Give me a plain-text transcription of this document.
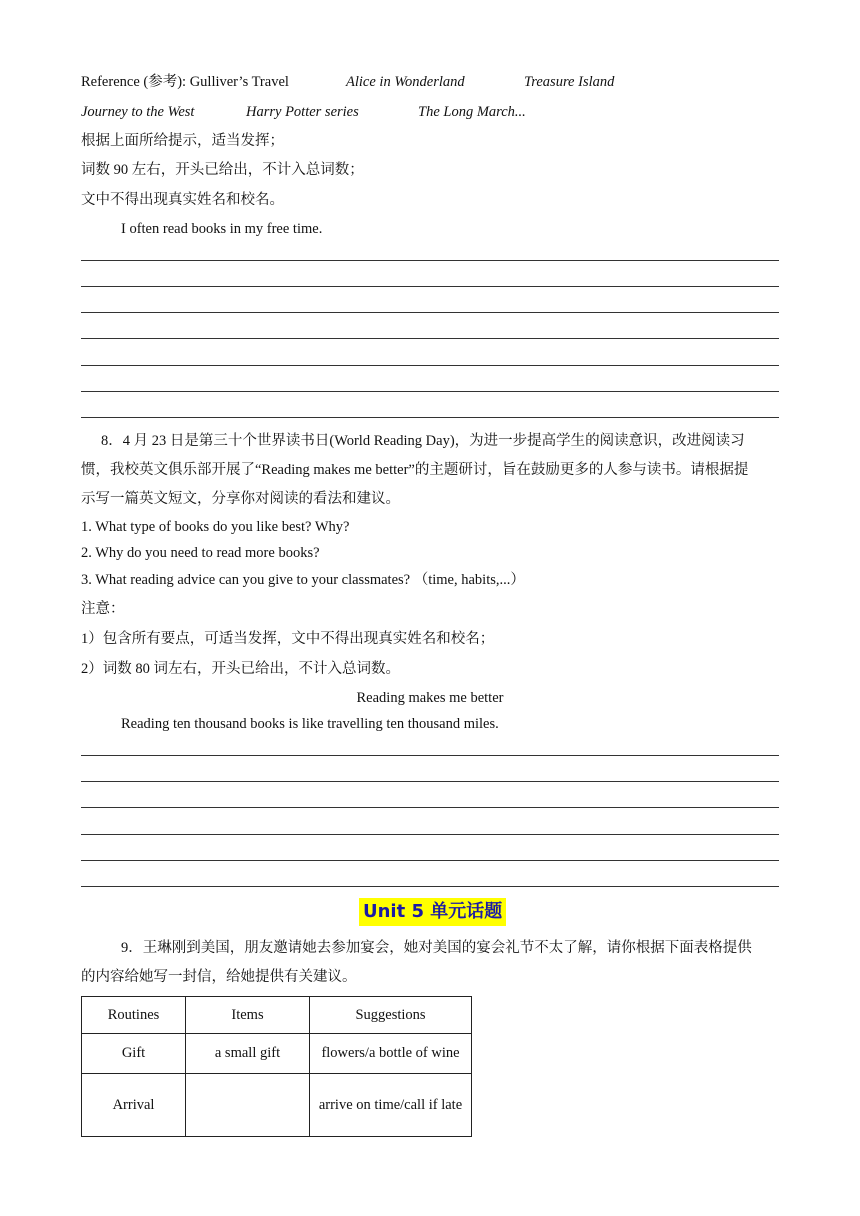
Reference (参考): Gulliver’s Travel	Alice in Wonderland	Treasure Island
Journey to the West	Harry Potter series	The Long March...
根据上面所给提示，适当发挥；
词数 90 左右，开头已给出，不计入总词数；
文中不得出现真实姓名和校名。
I often read books in my free time.
8．4 月 23 日是第三十个世界读书日(World Reading Day)，为进一步提高学生的阅读意识，改进阅读习
惯，我校英文俱乐部开展了“Reading makes me better”的主题研讨，旨在鼓励更多的人参与读书。请根据提
示写一篇英文短文，分享你对阅读的看法和建议。
1. What type of books do you like best? Why?
2. Why do you need to read more books?
3. What reading advice can you give to your classmates? （time, habits,...）
注意：
1）包含所有要点，可适当发挥，文中不得出现真实姓名和校名；
2）词数 80 词左右，开头已给出，不计入总词数。
Reading makes me better
Reading ten thousand books is like travelling ten thousand miles.
Unit 5 单元话题
9．王琳刚到美国，朋友邀请她去参加宴会，她对美国的宴会礼节不太了解，请你根据下面表格提供
的内容给她写一封信，给她提供有关建议。
Routines	Items	Suggestions
Gift	a small gift	flowers/a bottle of wine
Arrival		arrive on time/call if late
